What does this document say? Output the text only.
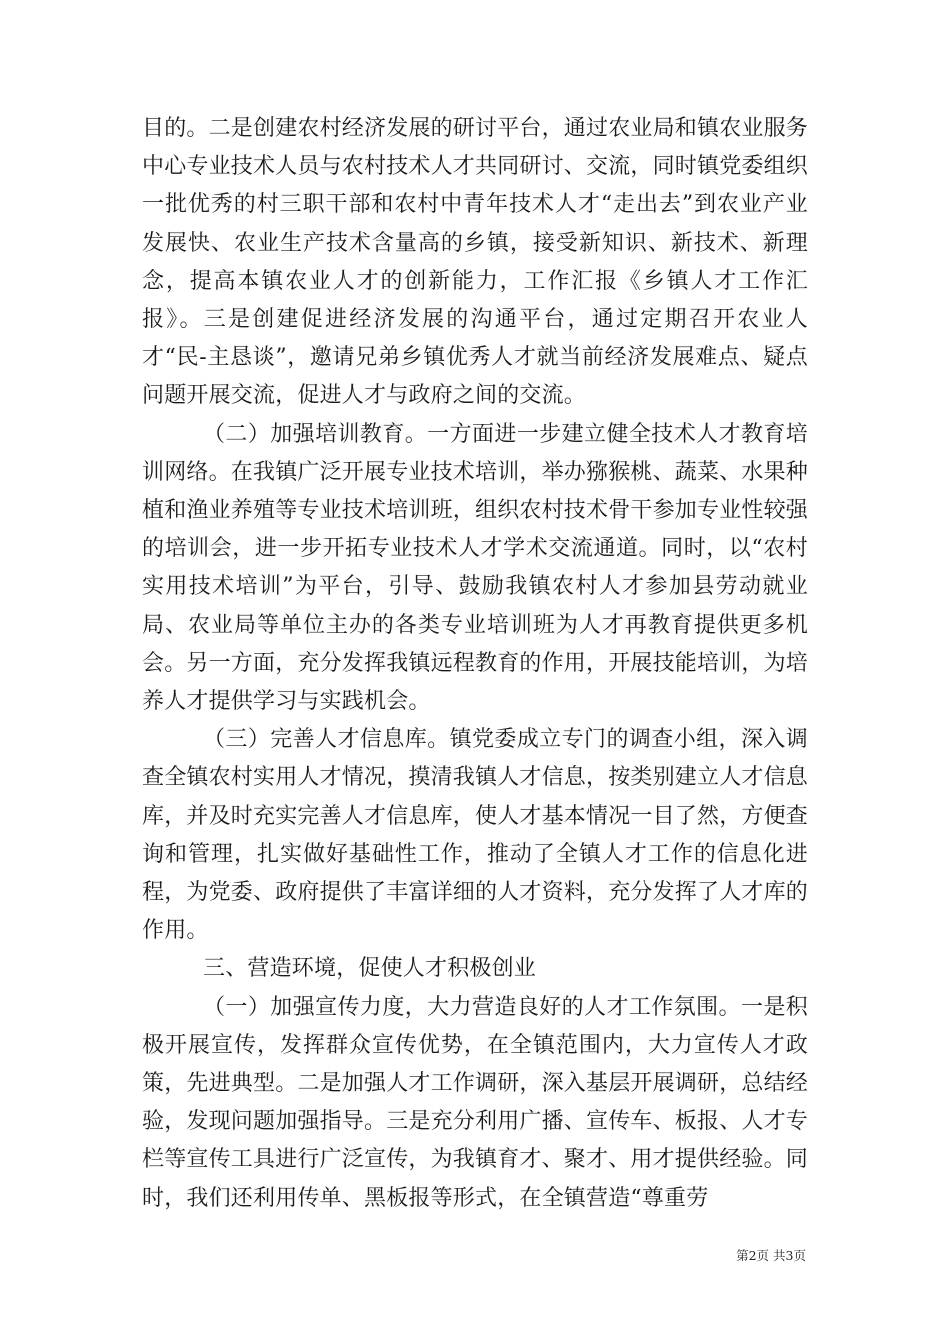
目的。二是创建农村经济发展的研讨平台，通过农业局和镇农业服务中心专业技术人员与农村技术人才共同研讨、交流，同时镇党委组织一批优秀的村三职干部和农村中青年技术人才“走出去”到农业产业发展快、农业生产技术含量高的乡镇，接受新知识、新技术、新理念，提高本镇农业人才的创新能力，工作汇报《乡镇人才工作汇报》。三是创建促进经济发展的沟通平台，通过定期召开农业人才“民-主恳谈”，邀请兄弟乡镇优秀人才就当前经济发展难点、疑点问题开展交流，促进人才与政府之间的交流。

（二）加强培训教育。一方面进一步建立健全技术人才教育培训网络。在我镇广泛开展专业技术培训，举办猕猴桃、蔬菜、水果种植和渔业养殖等专业技术培训班，组织农村技术骨干参加专业性较强的培训会，进一步开拓专业技术人才学术交流通道。同时，以“农村实用技术培训”为平台，引导、鼓励我镇农村人才参加县劳动就业局、农业局等单位主办的各类专业培训班为人才再教育提供更多机会。另一方面，充分发挥我镇远程教育的作用，开展技能培训，为培养人才提供学习与实践机会。

（三）完善人才信息库。镇党委成立专门的调查小组，深入调查全镇农村实用人才情况，摸清我镇人才信息，按类别建立人才信息库，并及时充实完善人才信息库，使人才基本情况一目了然，方便查询和管理，扎实做好基础性工作，推动了全镇人才工作的信息化进程，为党委、政府提供了丰富详细的人才资料，充分发挥了人才库的作用。

三、营造环境，促使人才积极创业

（一）加强宣传力度，大力营造良好的人才工作氛围。一是积极开展宣传，发挥群众宣传优势，在全镇范围内，大力宣传人才政策，先进典型。二是加强人才工作调研，深入基层开展调研，总结经验，发现问题加强指导。三是充分利用广播、宣传车、板报、人才专栏等宣传工具进行广泛宣传，为我镇育才、聚才、用才提供经验。同时，我们还利用传单、黑板报等形式，在全镇营造“尊重劳

第2页 共3页
